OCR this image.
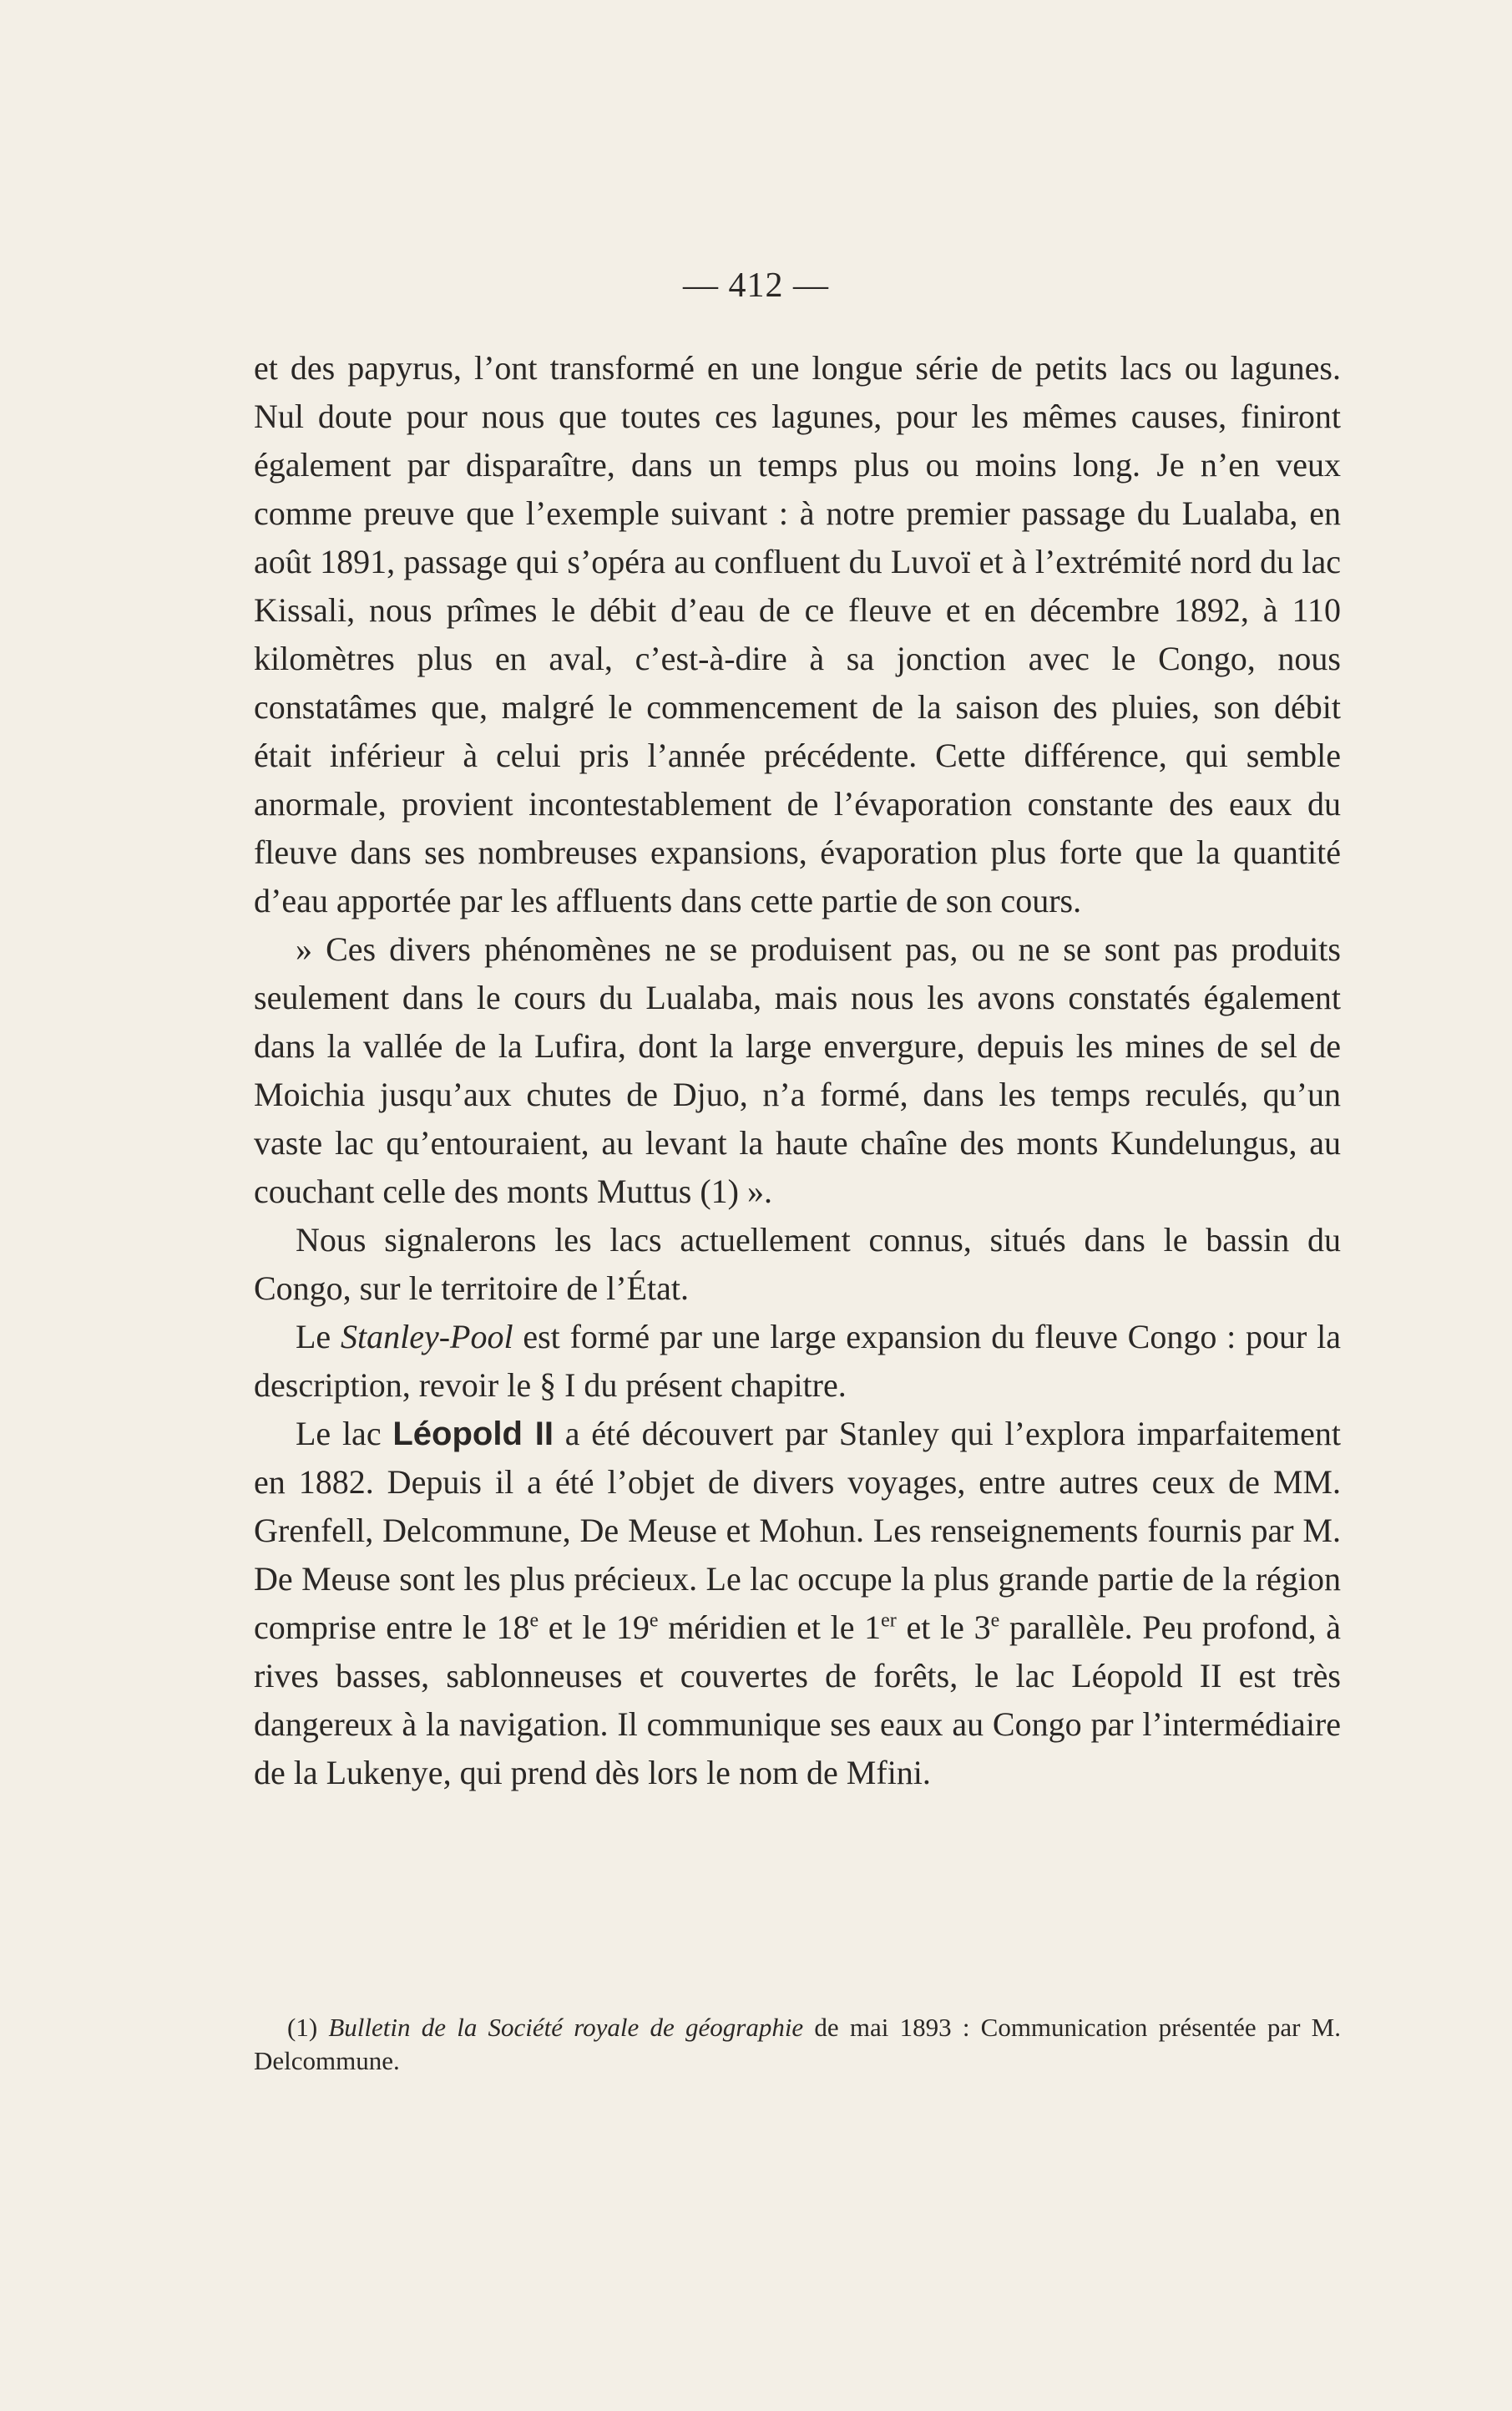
— 412 —

et des papyrus, l’ont transformé en une longue série de petits lacs ou lagunes. Nul doute pour nous que toutes ces lagunes, pour les mêmes causes, finiront également par disparaître, dans un temps plus ou moins long. Je n’en veux comme preuve que l’exemple suivant : à notre premier passage du Lualaba, en août 1891, passage qui s’opéra au confluent du Luvoï et à l’extrémité nord du lac Kissali, nous prîmes le débit d’eau de ce fleuve et en décembre 1892, à 110 kilomètres plus en aval, c’est-à-dire à sa jonction avec le Congo, nous constatâmes que, malgré le commencement de la saison des pluies, son débit était inférieur à celui pris l’année précédente. Cette différence, qui semble anormale, provient incontestablement de l’évaporation constante des eaux du fleuve dans ses nombreuses expansions, évaporation plus forte que la quantité d’eau apportée par les affluents dans cette partie de son cours.

» Ces divers phénomènes ne se produisent pas, ou ne se sont pas produits seulement dans le cours du Lualaba, mais nous les avons constatés également dans la vallée de la Lufira, dont la large envergure, depuis les mines de sel de Moichia jusqu’aux chutes de Djuo, n’a formé, dans les temps reculés, qu’un vaste lac qu’entouraient, au levant la haute chaîne des monts Kundelungus, au couchant celle des monts Muttus (1) ».

Nous signalerons les lacs actuellement connus, situés dans le bassin du Congo, sur le territoire de l’État.

Le Stanley-Pool est formé par une large expansion du fleuve Congo : pour la description, revoir le § I du présent chapitre.

Le lac Léopold II a été découvert par Stanley qui l’explora imparfaitement en 1882. Depuis il a été l’objet de divers voyages, entre autres ceux de MM. Grenfell, Delcommune, De Meuse et Mohun. Les renseignements fournis par M. De Meuse sont les plus précieux. Le lac occupe la plus grande partie de la région comprise entre le 18e et le 19e méridien et le 1er et le 3e parallèle. Peu profond, à rives basses, sablonneuses et couvertes de forêts, le lac Léopold II est très dangereux à la navigation. Il communique ses eaux au Congo par l’intermédiaire de la Lukenye, qui prend dès lors le nom de Mfini.

(1) Bulletin de la Société royale de géographie de mai 1893 : Communication présentée par M. Delcommune.
